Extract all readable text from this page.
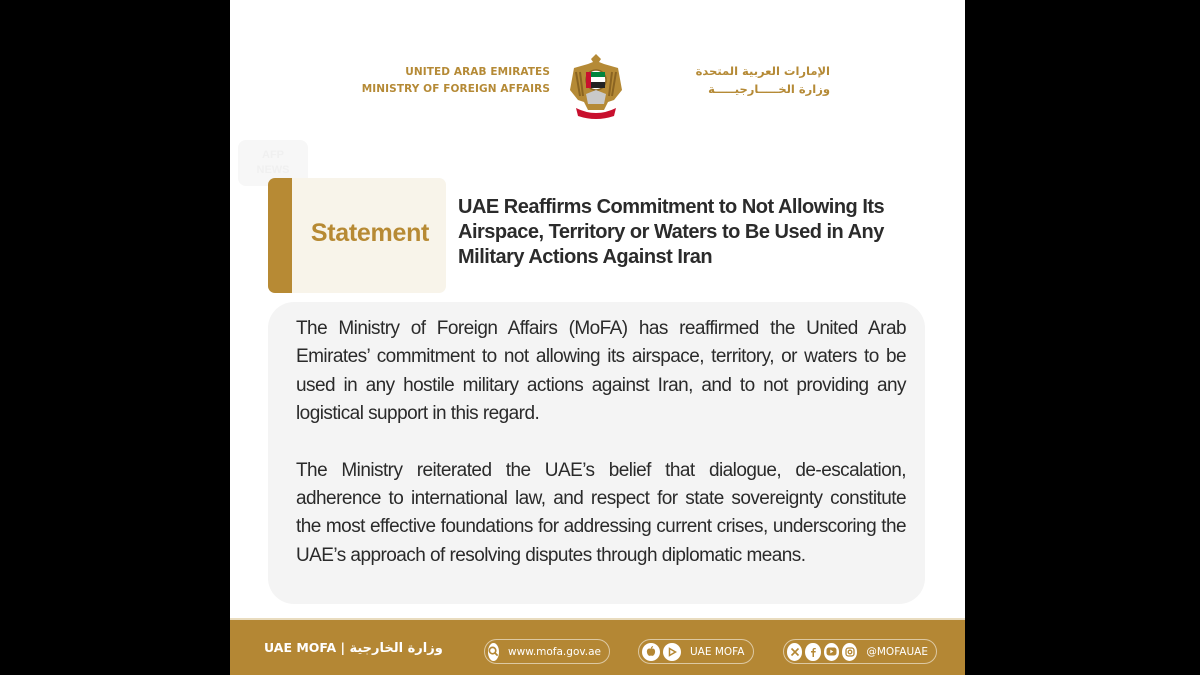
UNITED ARAB EMIRATES
MINISTRY OF FOREIGN AFFAIRS
الإمارات العربية المتحدة
وزارة الخـــــارجيـــــة
AFP
NEWS
Statement
UAE Reaffirms Commitment to Not Allowing Its Airspace, Territory or Waters to Be Used in Any Military Actions Against Iran

The Ministry of Foreign Affairs (MoFA) has reaffirmed the United Arab Emirates’ commitment to not allowing its airspace, territory, or waters to be used in any hostile military actions against Iran, and to not providing any logistical support in this regard.

The Ministry reiterated the UAE’s belief that dialogue, de-escalation, adherence to international law, and respect for state sovereignty constitute the most effective foundations for addressing current crises, underscoring the UAE’s approach of resolving disputes through diplomatic means.

UAE MOFA | وزارة الخارجية	www.mofa.gov.ae	UAE MOFA	@MOFAUAE
